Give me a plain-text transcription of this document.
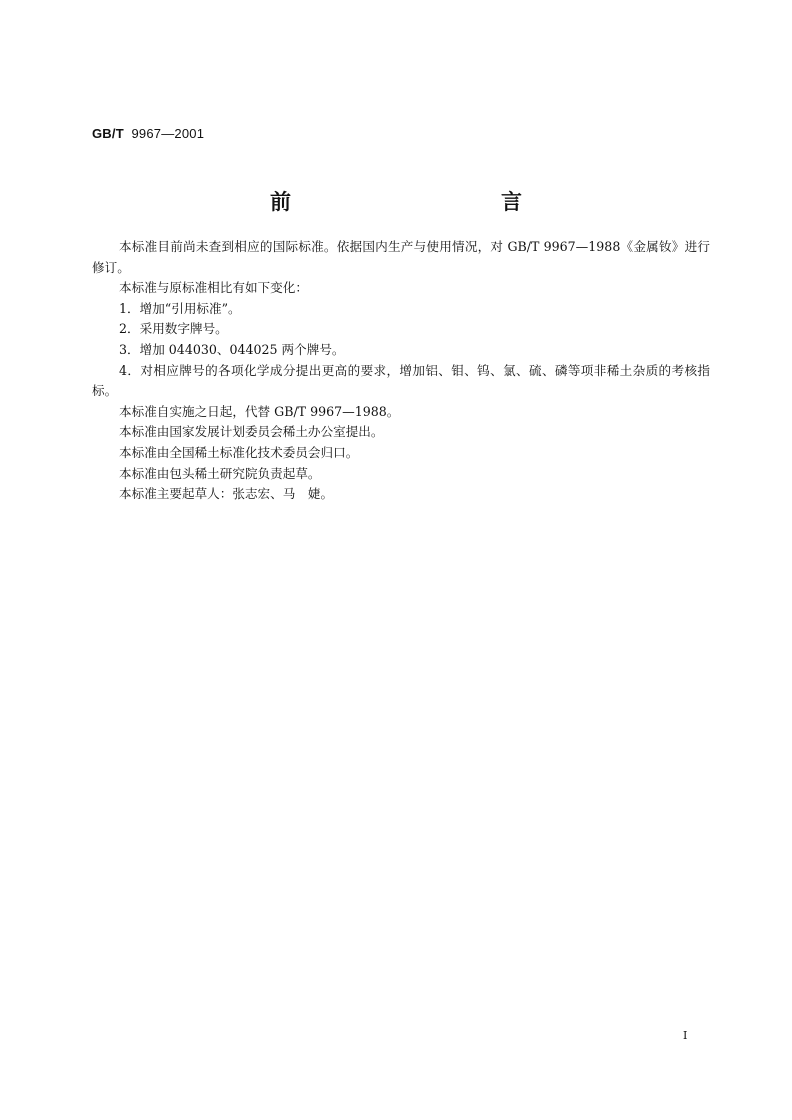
GB/T 9967—2001
前　　言

本标准目前尚未查到相应的国际标准。依据国内生产与使用情况，对 GB/T 9967—1988《金属钕》进行修订。

本标准与原标准相比有如下变化：

1．增加“引用标准”。

2．采用数字牌号。

3．增加 044030、044025 两个牌号。

4．对相应牌号的各项化学成分提出更高的要求，增加铝、钼、钨、氯、硫、磷等项非稀土杂质的考核指标。

本标准自实施之日起，代替 GB/T 9967—1988。

本标准由国家发展计划委员会稀土办公室提出。

本标准由全国稀土标准化技术委员会归口。

本标准由包头稀土研究院负责起草。

本标准主要起草人：张志宏、马　婕。

I
